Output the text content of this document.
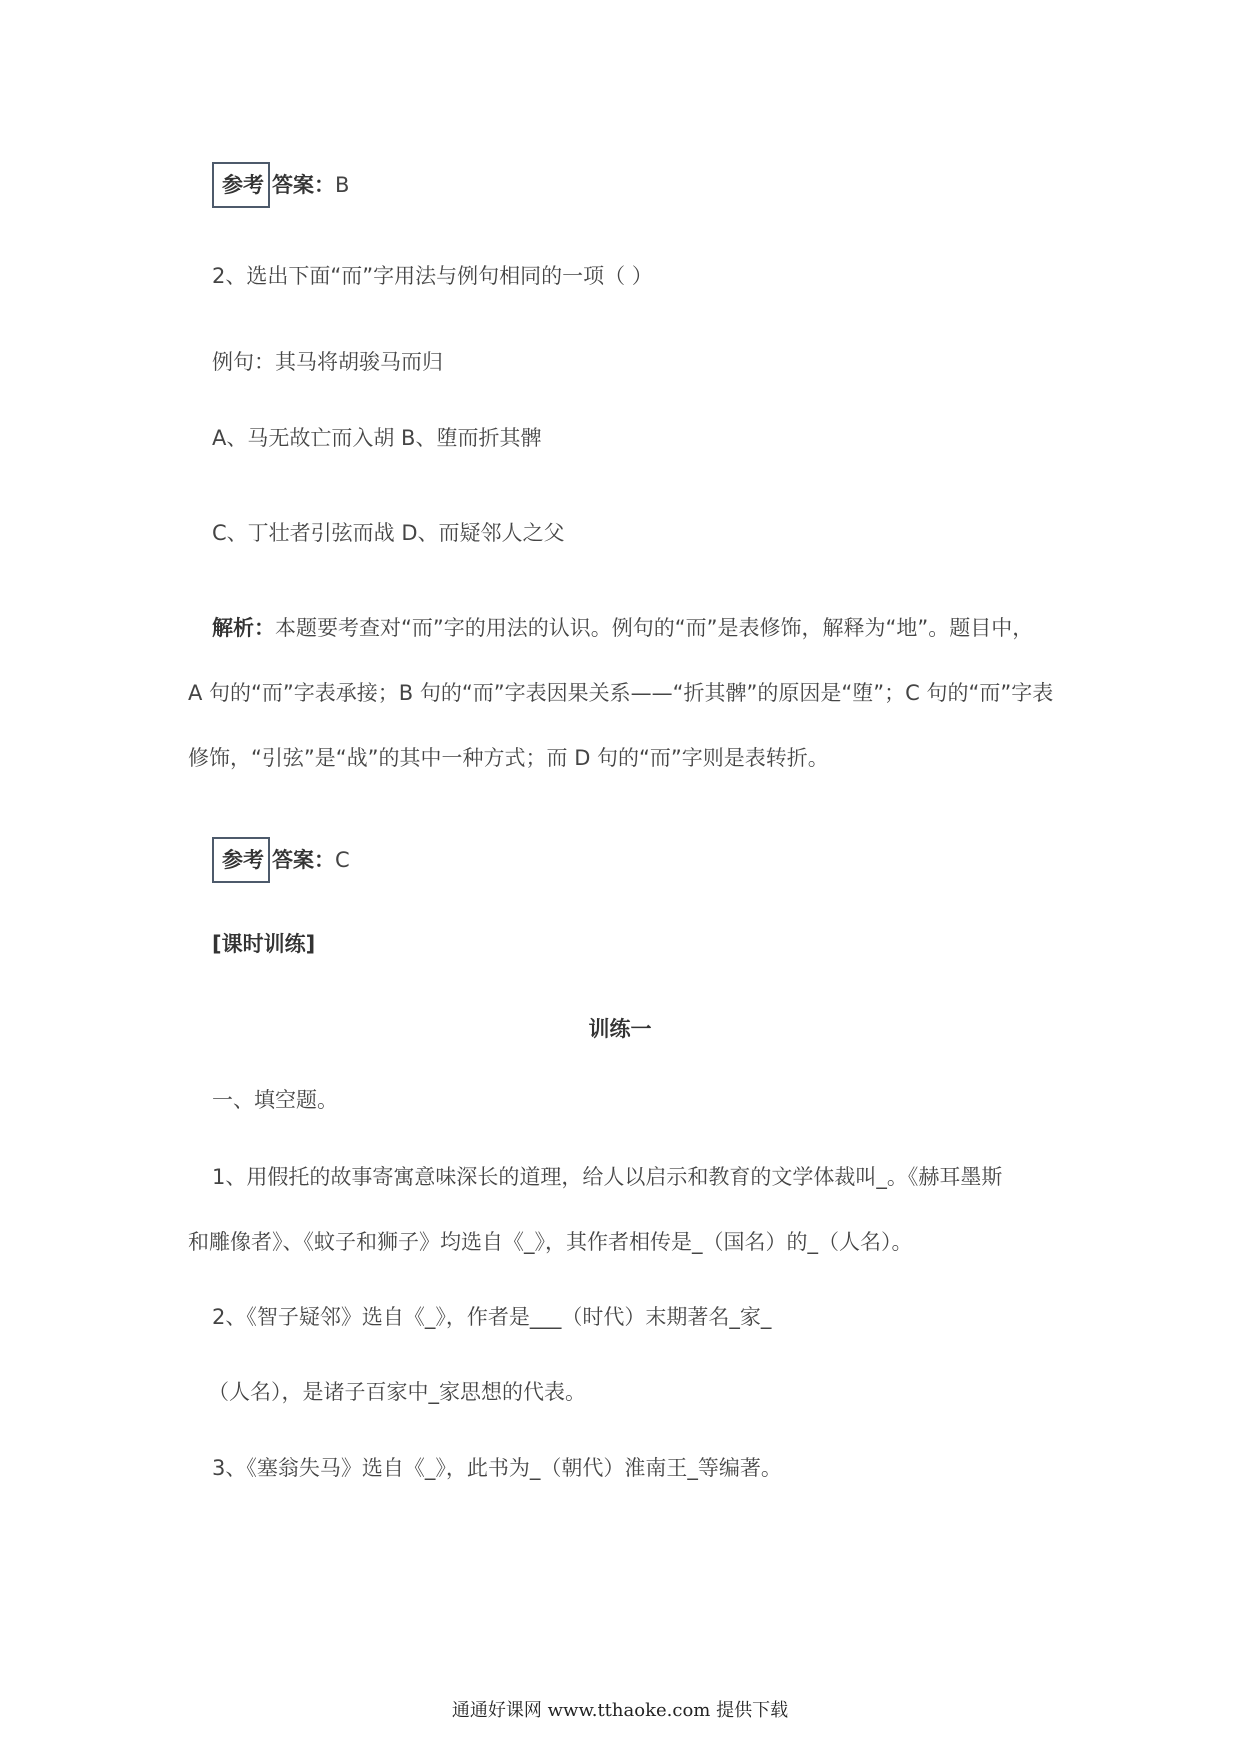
参考 答案：B
2、选出下面“而”字用法与例句相同的一项（ ）
例句：其马将胡骏马而归
A、马无故亡而入胡 B、堕而折其髀
C、丁壮者引弦而战 D、而疑邻人之父
解析：本题要考查对“而”字的用法的认识。例句的“而”是表修饰，解释为“地”。题目中，
A 句的“而”字表承接；B 句的“而”字表因果关系——“折其髀”的原因是“堕”；C 句的“而”字表
修饰，“引弦”是“战”的其中一种方式；而 D 句的“而”字则是表转折。
参考 答案：C
[课时训练]
训练一
一、填空题。
1、用假托的故事寄寓意味深长的道理，给人以启示和教育的文学体裁叫_。《赫耳墨斯
和雕像者》、《蚊子和狮子》均选自《_》，其作者相传是_（国名）的_（人名）。
2、《智子疑邻》选自《_》，作者是___（时代）末期著名_家_
（人名），是诸子百家中_家思想的代表。
3、《塞翁失马》选自《_》，此书为_（朝代）淮南王_等编著。
通通好课网 www.tthaoke.com 提供下载
